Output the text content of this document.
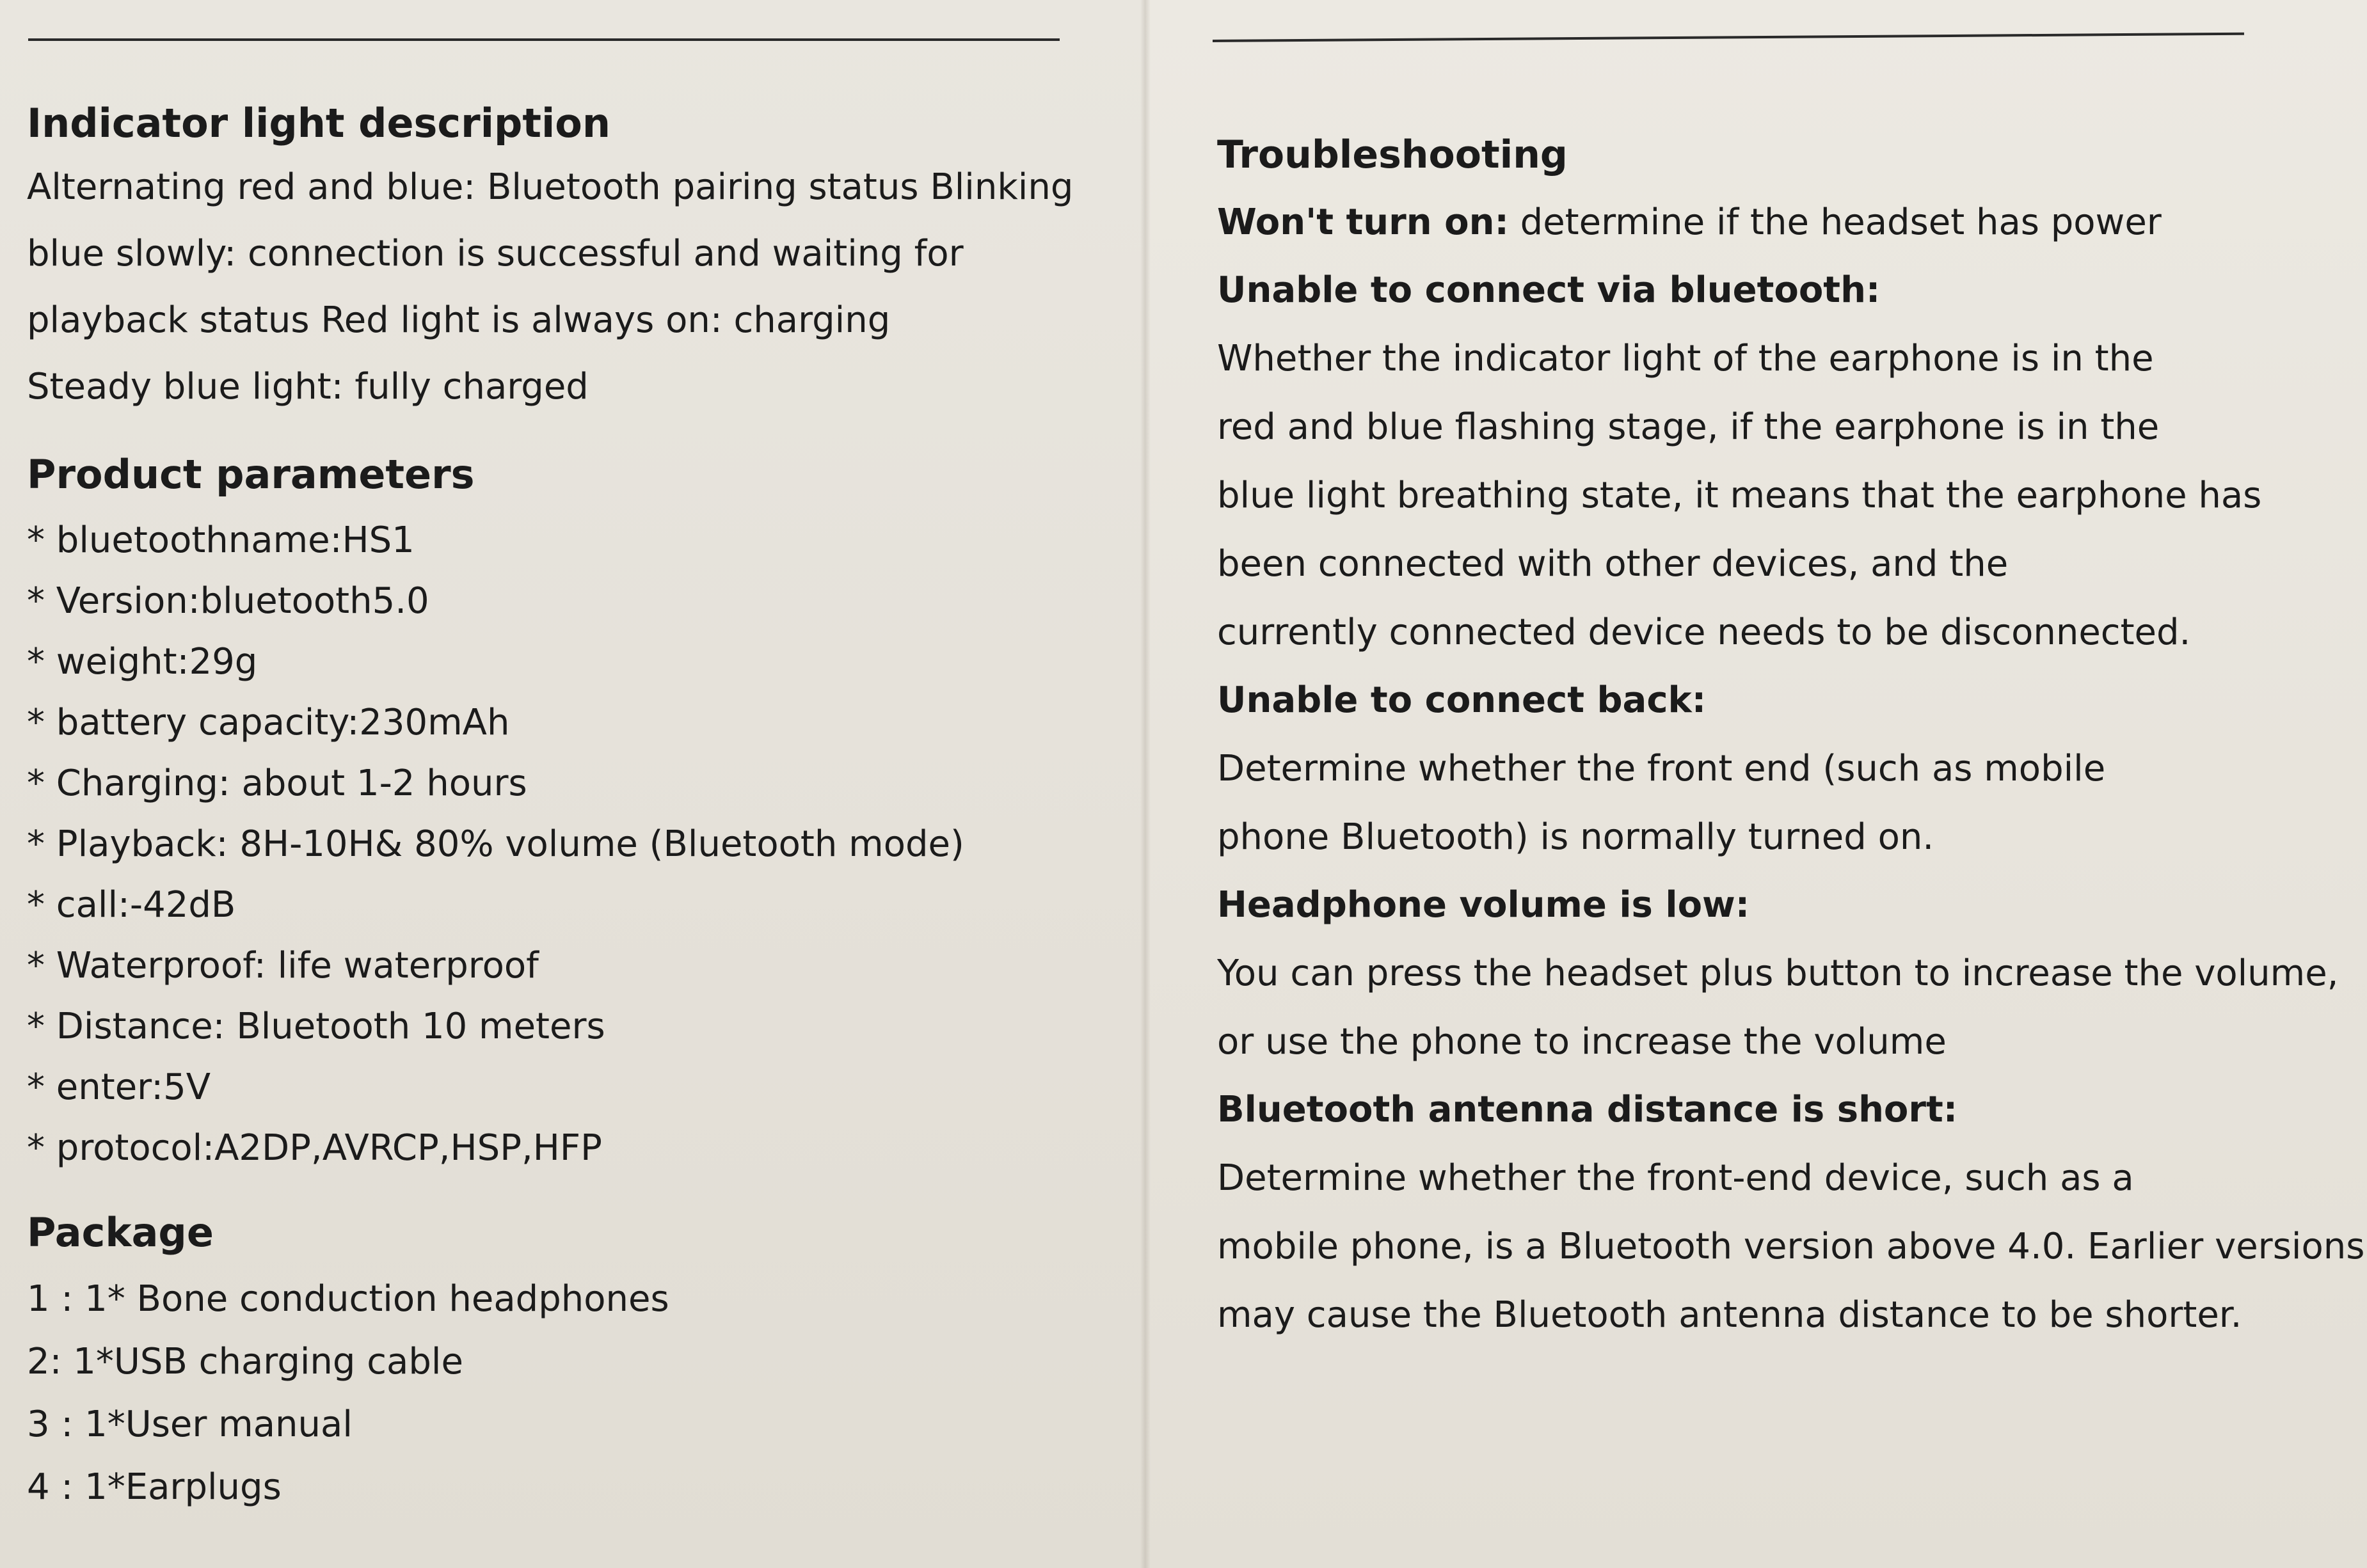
Indicator light description

Alternating red and blue: Bluetooth pairing status Blinking

blue slowly: connection is successful and waiting for

playback status Red light is always on: charging

Steady blue light: fully charged

Product parameters

* bluetoothname:HS1

* Version:bluetooth5.0

* weight:29g

* battery capacity:230mAh

* Charging: about 1-2 hours

* Playback: 8H-10H& 80% volume (Bluetooth mode)

* call:-42dB

* Waterproof: life waterproof

* Distance: Bluetooth 10 meters

* enter:5V

* protocol:A2DP,AVRCP,HSP,HFP

Package

1 : 1* Bone conduction headphones

2: 1*USB charging cable

3 : 1*User manual

4 : 1*Earplugs

Troubleshooting

Won't turn on: determine if the headset has power

Unable to connect via bluetooth:

Whether the indicator light of the earphone is in the

red and blue flashing stage, if the earphone is in the

blue light breathing state, it means that the earphone has

been connected with other devices, and the

currently connected device needs to be disconnected.

Unable to connect back:

Determine whether the front end (such as mobile

phone Bluetooth) is normally turned on.

Headphone volume is low:

You can press the headset plus button to increase the volume,

or use the phone to increase the volume

Bluetooth antenna distance is short:

Determine whether the front-end device, such as a

mobile phone, is a Bluetooth version above 4.0. Earlier versions

may cause the Bluetooth antenna distance to be shorter.
